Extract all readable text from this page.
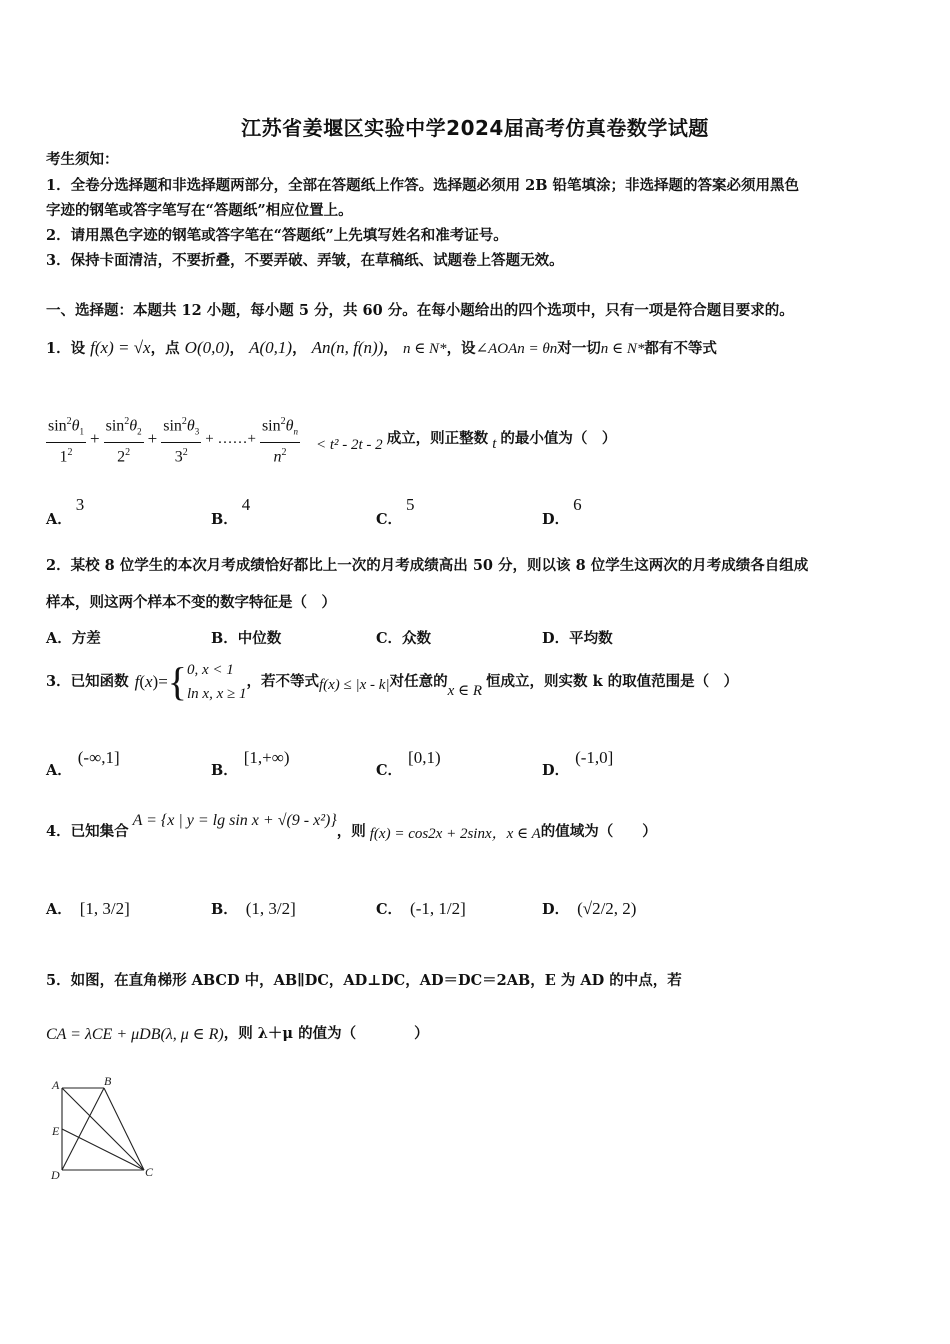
江苏省姜堰区实验中学2024届高考仿真卷数学试题
考生须知：
1．全卷分选择题和非选择题两部分，全部在答题纸上作答。选择题必须用 2B 铅笔填涂；非选择题的答案必须用黑色
字迹的钢笔或答字笔写在“答题纸”相应位置上。
2．请用黑色字迹的钢笔或答字笔在“答题纸”上先填写姓名和准考证号。
3．保持卡面清洁，不要折叠，不要弄破、弄皱，在草稿纸、试题卷上答题无效。
一、选择题：本题共 12 小题，每小题 5 分，共 60 分。在每小题给出的四个选项中，只有一项是符合题目要求的。
1．设 f(x) = √x，点 O(0,0)， A(0,1)， An(n, f(n))， n ∈ N*，设∠AOAn = θn对一切n ∈ N*都有不等式
$\frac{\sin^2\theta_1}{1^2} + \frac{\sin^2\theta_2}{2^2} + \frac{\sin^2\theta_3}{3^2}$ + ……+ $\frac{\sin^2\theta_n}{n^2} < t^2 - 2t - 2$ 成立，则正整数 t 的最小值为（　）
A．3
B．4
C．5
D．6
2．某校 8 位学生的本次月考成绩恰好都比上一次的月考成绩高出 50 分，则以该 8 位学生这两次的月考成绩各自组成
样本，则这两个样本不变的数字特征是（　）
A．方差	B．中位数	C．众数	D．平均数
3．已知函数 f ( x )= { 0, x < 1
ln x, x ≥ 1
，若不等式 f(x) ≤ |x - k| 对任意的
x ∈ R
恒成立，则实数 k 的取值范围是（　）
A．(-∞,1]
B．[1,+∞)
C．[0,1)
D．(-1,0]
4．已知集合
A = {x | y = lg sin x + √(9 - x²)}
，则 f(x) = cos2x + 2sinx，x ∈ A 的值域为（　　）
A． [1, 3/2]	B． (1, 3/2]	C． (-1, 1/2]	D． (√2/2, 2)
5．如图，在直角梯形 ABCD 中，AB∥DC，AD⊥DC，AD＝DC＝2AB，E 为 AD 的中点，若
CA = λCE + μDB(λ, μ ∈ R) ，则 λ＋μ 的值为（　　　　）
A	B
E
D	C
